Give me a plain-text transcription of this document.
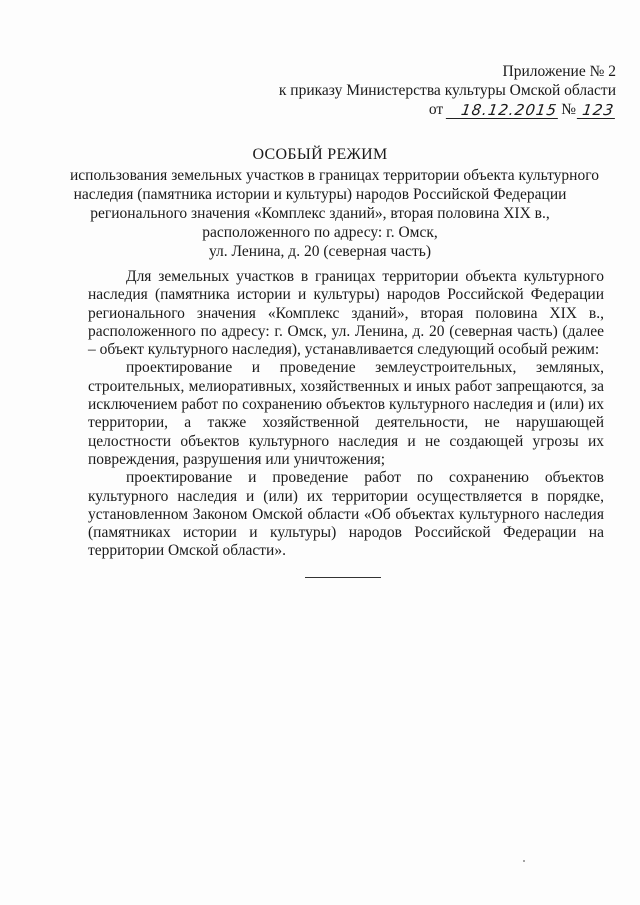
Приложение № 2
к приказу Министерства культуры Омской области
от	18.12.2015 № 123
ОСОБЫЙ РЕЖИМ
использования земельных участков в границах территории объекта культурного
наследия (памятника истории и культуры) народов Российской Федерации
регионального значения «Комплекс зданий», вторая половина XIX в.,
расположенного по адресу: г. Омск,
ул. Ленина, д. 20 (северная часть)

Для земельных участков в границах территории объекта культурного наследия (памятника истории и культуры) народов Российской Федерации регионального значения «Комплекс зданий», вторая половина XIX в., расположенного по адресу: г. Омск, ул. Ленина, д. 20 (северная часть) (далее – объект культурного наследия), устанавливается следующий особый режим:

проектирование и проведение землеустроительных, земляных, строительных, мелиоративных, хозяйственных и иных работ запрещаются, за исключением работ по сохранению объектов культурного наследия и (или) их территории, а также хозяйственной деятельности, не нарушающей целостности объектов культурного наследия и не создающей угрозы их повреждения, разрушения или уничтожения;

проектирование и проведение работ по сохранению объектов культурного наследия и (или) их территории осуществляется в порядке, установленном Законом Омской области «Об объектах культурного наследия (памятниках истории и культуры) народов Российской Федерации на территории Омской области».
